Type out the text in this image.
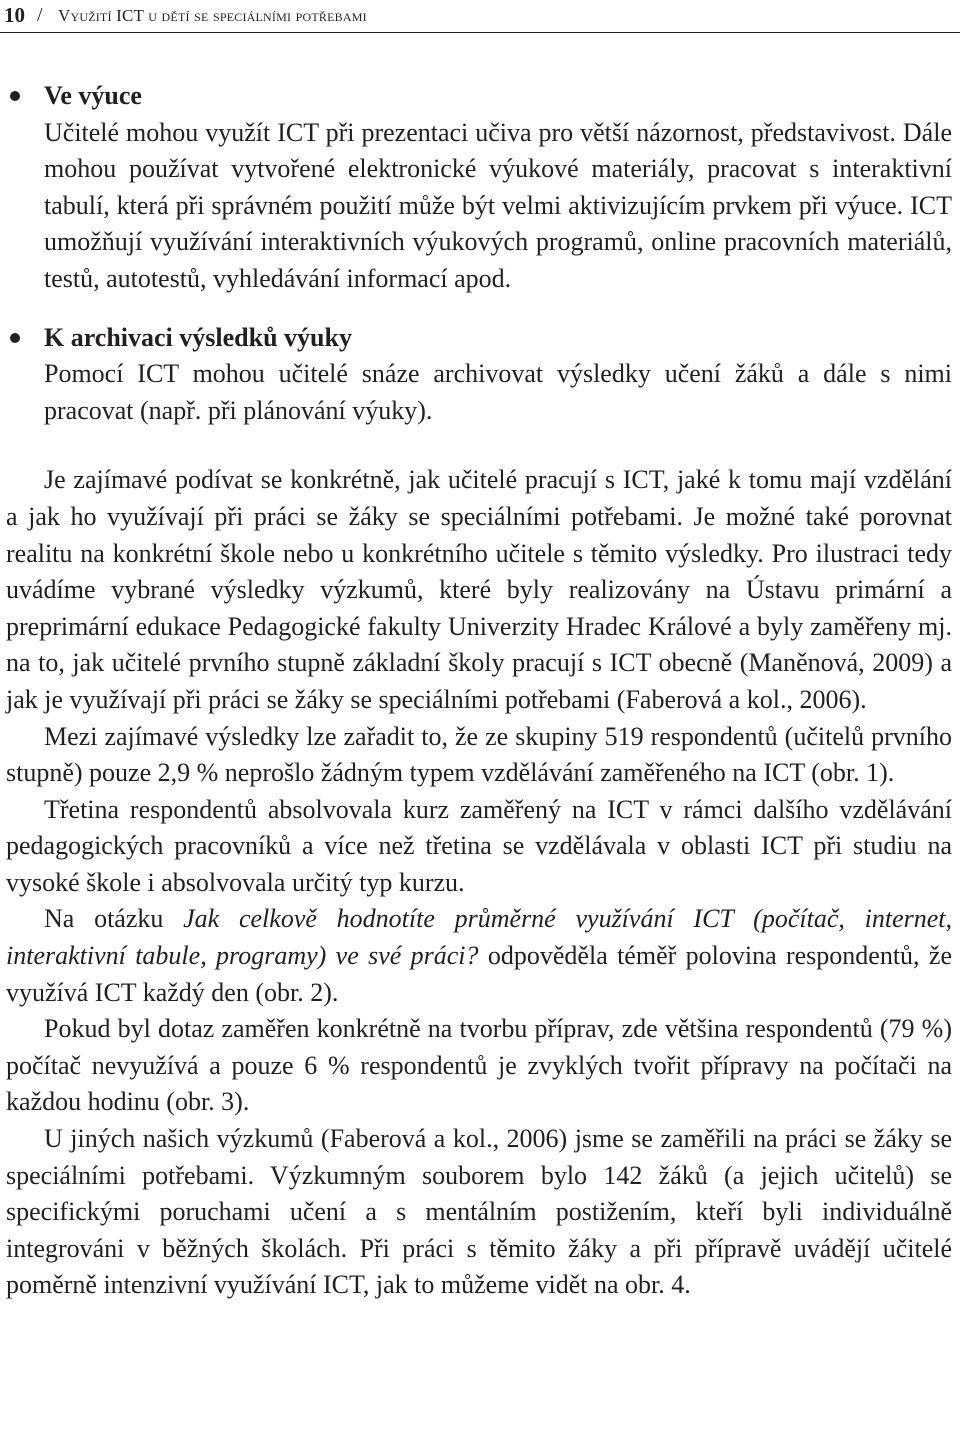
10 / Využití ICT u dětí se speciálními potřebami
Ve výuce
Učitelé mohou využít ICT při prezentaci učiva pro větší názornost, představivost. Dále mohou používat vytvořené elektronické výukové materiály, pracovat s interaktivní tabulí, která při správném použití může být velmi aktivizujícím prvkem při výuce. ICT umožňují využívání interaktivních výukových programů, online pracovních materiálů, testů, autotestů, vyhledávání informací apod.
K archivaci výsledků výuky
Pomocí ICT mohou učitelé snáze archivovat výsledky učení žáků a dále s nimi pracovat (např. při plánování výuky).

Je zajímavé podívat se konkrétně, jak učitelé pracují s ICT, jaké k tomu mají vzdělání a jak ho využívají při práci se žáky se speciálními potřebami. Je možné také porovnat realitu na konkrétní škole nebo u konkrétního učitele s těmito výsledky. Pro ilustraci tedy uvádíme vybrané výsledky výzkumů, které byly realizovány na Ústavu primární a preprimární edukace Pedagogické fakulty Univerzity Hradec Králové a byly zaměřeny mj. na to, jak učitelé prvního stupně základní školy pracují s ICT obecně (Maněnová, 2009) a jak je využívají při práci se žáky se speciálními potřebami (Faberová a kol., 2006).

Mezi zajímavé výsledky lze zařadit to, že ze skupiny 519 respondentů (učitelů prvního stupně) pouze 2,9 % neprošlo žádným typem vzdělávání zaměřeného na ICT (obr. 1).

Třetina respondentů absolvovala kurz zaměřený na ICT v rámci dalšího vzdělávání pedagogických pracovníků a více než třetina se vzdělávala v oblasti ICT při studiu na vysoké škole i absolvovala určitý typ kurzu.

Na otázku Jak celkově hodnotíte průměrné využívání ICT (počítač, internet, interaktivní tabule, programy) ve své práci? odpověděla téměř polovina respondentů, že využívá ICT každý den (obr. 2).

Pokud byl dotaz zaměřen konkrétně na tvorbu příprav, zde většina respondentů (79 %) počítač nevyužívá a pouze 6 % respondentů je zvyklých tvořit přípravy na počítači na každou hodinu (obr. 3).

U jiných našich výzkumů (Faberová a kol., 2006) jsme se zaměřili na práci se žáky se speciálními potřebami. Výzkumným souborem bylo 142 žáků (a jejich učitelů) se specifickými poruchami učení a s mentálním postižením, kteří byli individuálně integrováni v běžných školách. Při práci s těmito žáky a při přípravě uvádějí učitelé poměrně intenzivní využívání ICT, jak to můžeme vidět na obr. 4.
